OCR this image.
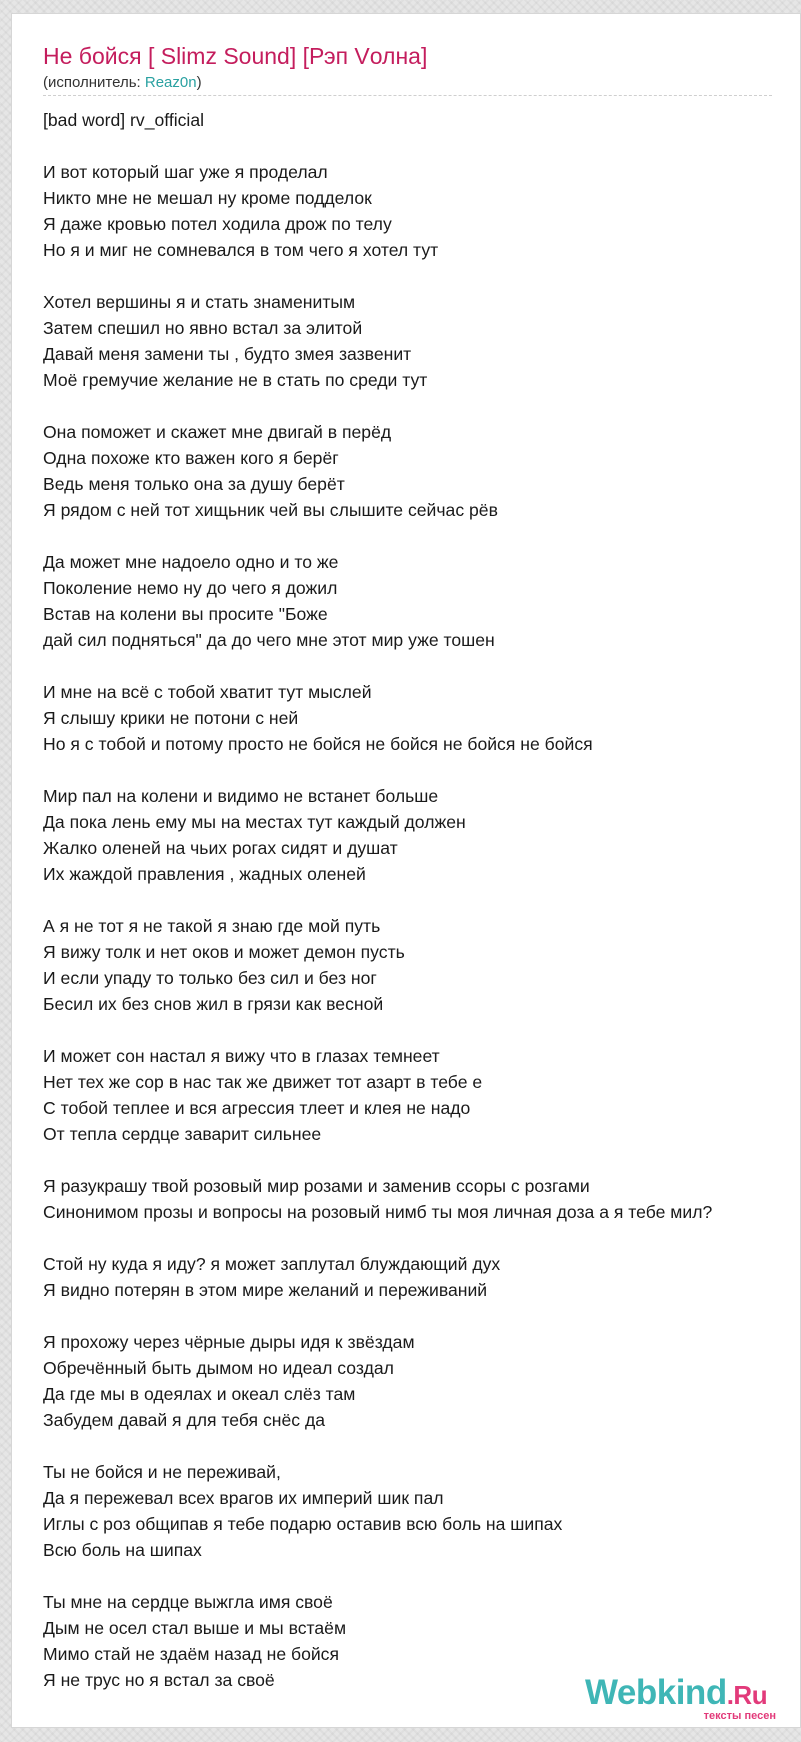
Не бойся [ Slimz Sound] [Рэп Vолна]
(исполнитель: Reaz0n)
[bad word] rv_official
И вот который шаг уже я проделал
Никто мне не мешал ну кроме подделок
Я даже кровью потел ходила дрож по телу
Но я и миг не сомневался в том чего я хотел тут
Хотел вершины я и стать знаменитым
Затем спешил но явно встал за элитой
Давай меня замени ты , будто змея зазвенит
Моё гремучие желание не в стать по среди тут
Она поможет и скажет мне двигай в перёд
Одна похоже кто важен кого я берёг
Ведь меня только она за душу берёт
Я рядом с ней тот хищьник чей вы слышите сейчас рёв
Да может мне надоело одно и то же
Поколение немо ну до чего я дожил
Встав на колени вы просите "Боже
дай сил подняться" да до чего мне этот мир уже тошен
И мне на всё с тобой хватит тут мыслей
Я слышу крики не потони с ней
Но я с тобой и потому просто не бойся не бойся не бойся не бойся
Мир пал на колени и видимо не встанет больше
Да пока лень ему мы на местах тут каждый должен
Жалко оленей на чьих рогах сидят и душат
Их жаждой правления , жадных оленей
А я не тот я не такой я знаю где мой путь
Я вижу толк и нет оков и может демон пусть
И если упаду то только без сил и без ног
Бесил их без снов жил в грязи как весной
И может сон настал я вижу что в глазах темнеет
Нет тех же сор в нас так же движет тот азарт в тебе е
С тобой теплее и вся агрессия тлеет и клея не надо
От тепла сердце заварит сильнее
Я разукрашу твой розовый мир розами и заменив ссоры с розгами
Синонимом прозы и вопросы на розовый нимб ты моя личная доза а я тебе мил?
Стой ну куда я иду? я может заплутал блуждающий дух
Я видно потерян в этом мире желаний и переживаний
Я прохожу через чёрные дыры идя к звёздам
Обречённый быть дымом но идеал создал
Да где мы в одеялах и океал слёз там
Забудем давай я для тебя снёс да
Ты не бойся и не переживай,
Да я пережевал всех врагов их империй шик пал
Иглы с роз общипав я тебе подарю оставив всю боль на шипах
Всю боль на шипах
Ты мне на сердце выжгла имя своё
Дым не осел стал выше и мы встаём
Мимо стай не здаём назад не бойся
Я не трус но я встал за своё	Webkind.Ru
тексты песен
